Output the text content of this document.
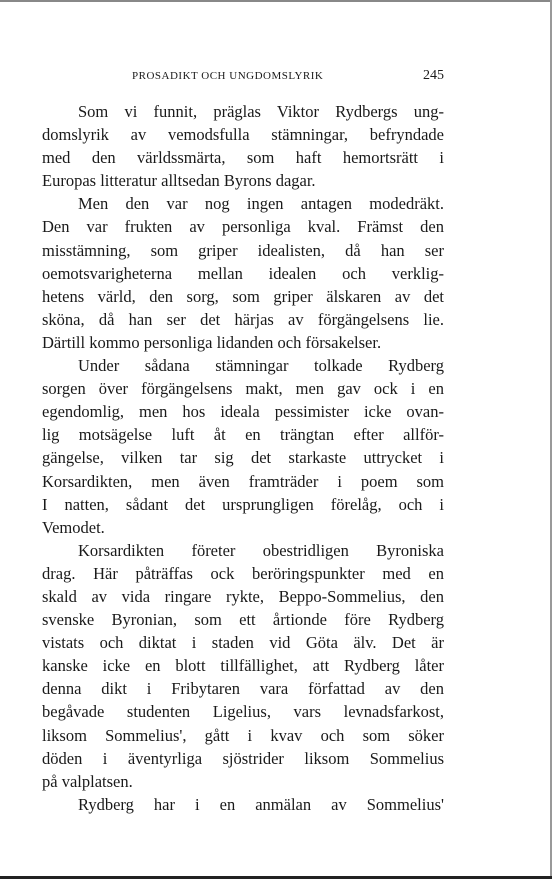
PROSADIKT OCH UNGDOMSLYRIK	245
Som vi funnit, präglas Viktor Rydbergs ung-
domslyrik av vemodsfulla stämningar, befryndade
med den världssmärta, som haft hemortsrätt i
Europas litteratur alltsedan Byrons dagar.
Men den var nog ingen antagen modedräkt.
Den var frukten av personliga kval. Främst den
misstämning, som griper idealisten, då han ser
oemotsvarigheterna mellan idealen och verklig-
hetens värld, den sorg, som griper älskaren av det
sköna, då han ser det härjas av förgängelsens lie.
Därtill kommo personliga lidanden och försakelser.
Under sådana stämningar tolkade Rydberg
sorgen över förgängelsens makt, men gav ock i en
egendomlig, men hos ideala pessimister icke ovan-
lig motsägelse luft åt en trängtan efter allför-
gängelse, vilken tar sig det starkaste uttrycket i
Korsardikten, men även framträder i poem som
I natten, sådant det ursprungligen förelåg, och i
Vemodet.
Korsardikten företer obestridligen Byroniska
drag. Här påträffas ock beröringspunkter med en
skald av vida ringare rykte, Beppo-Sommelius, den
svenske Byronian, som ett årtionde före Rydberg
vistats och diktat i staden vid Göta älv. Det är
kanske icke en blott tillfällighet, att Rydberg låter
denna dikt i Fribytaren vara författad av den
begåvade studenten Ligelius, vars levnadsfarkost,
liksom Sommelius', gått i kvav och som söker
döden i äventyrliga sjöstrider liksom Sommelius
på valplatsen.
Rydberg har i en anmälan av Sommelius'
